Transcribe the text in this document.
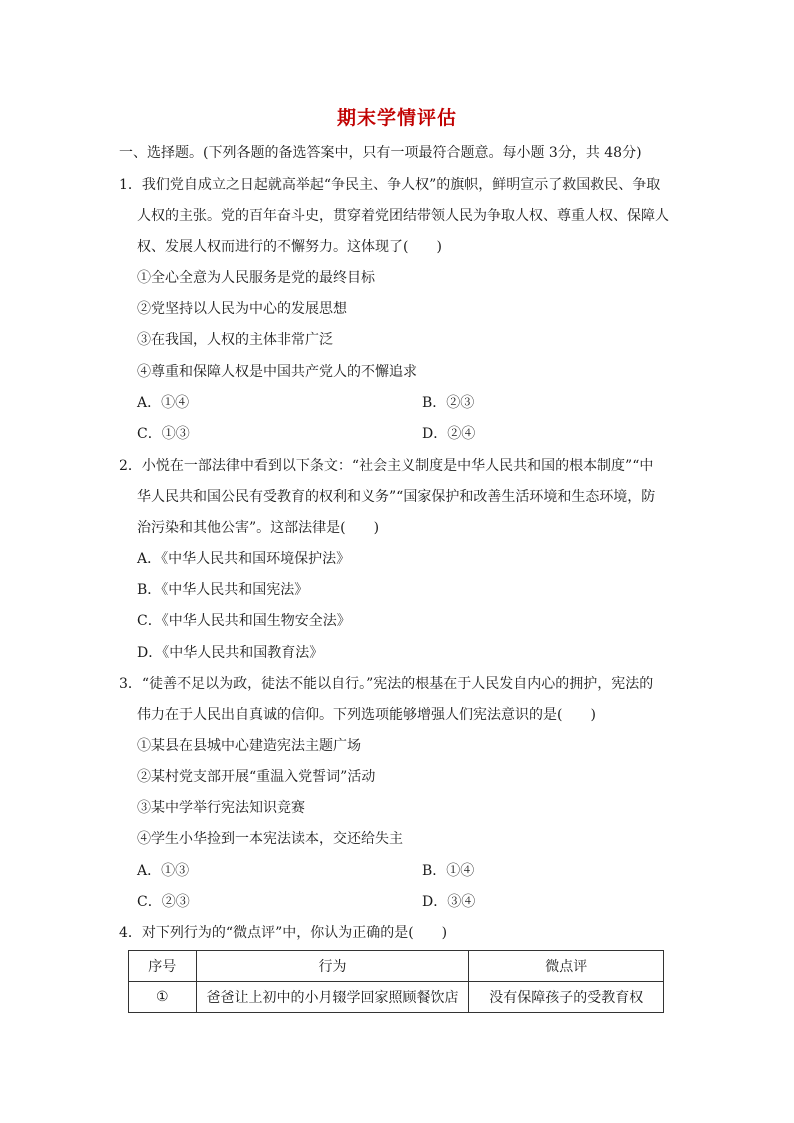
期末学情评估
一、选择题。(下列各题的备选答案中，只有一项最符合题意。每小题 3分，共 48分)
1．我们党自成立之日起就高举起“争民主、争人权”的旗帜，鲜明宣示了救国救民、争取
人权的主张。党的百年奋斗史，贯穿着党团结带领人民为争取人权、尊重人权、保障人
权、发展人权而进行的不懈努力。这体现了(　　)
①全心全意为人民服务是党的最终目标
②党坚持以人民为中心的发展思想
③在我国，人权的主体非常广泛
④尊重和保障人权是中国共产党人的不懈追求
A．①④	B．②③
C．①③	D．②④
2．小悦在一部法律中看到以下条文：“社会主义制度是中华人民共和国的根本制度”“中
华人民共和国公民有受教育的权利和义务”“国家保护和改善生活环境和生态环境，防
治污染和其他公害”。这部法律是(　　)
A．《中华人民共和国环境保护法》
B．《中华人民共和国宪法》
C．《中华人民共和国生物安全法》
D．《中华人民共和国教育法》
3．“徒善不足以为政，徒法不能以自行。”宪法的根基在于人民发自内心的拥护，宪法的
伟力在于人民出自真诚的信仰。下列选项能够增强人们宪法意识的是(　　)
①某县在县城中心建造宪法主题广场
②某村党支部开展“重温入党誓词”活动
③某中学举行宪法知识竞赛
④学生小华捡到一本宪法读本，交还给失主
A．①③	B．①④
C．②③	D．③④
4．对下列行为的“微点评”中，你认为正确的是(　　)
序号	行为	微点评
①	爸爸让上初中的小月辍学回家照顾餐饮店	没有保障孩子的受教育权
